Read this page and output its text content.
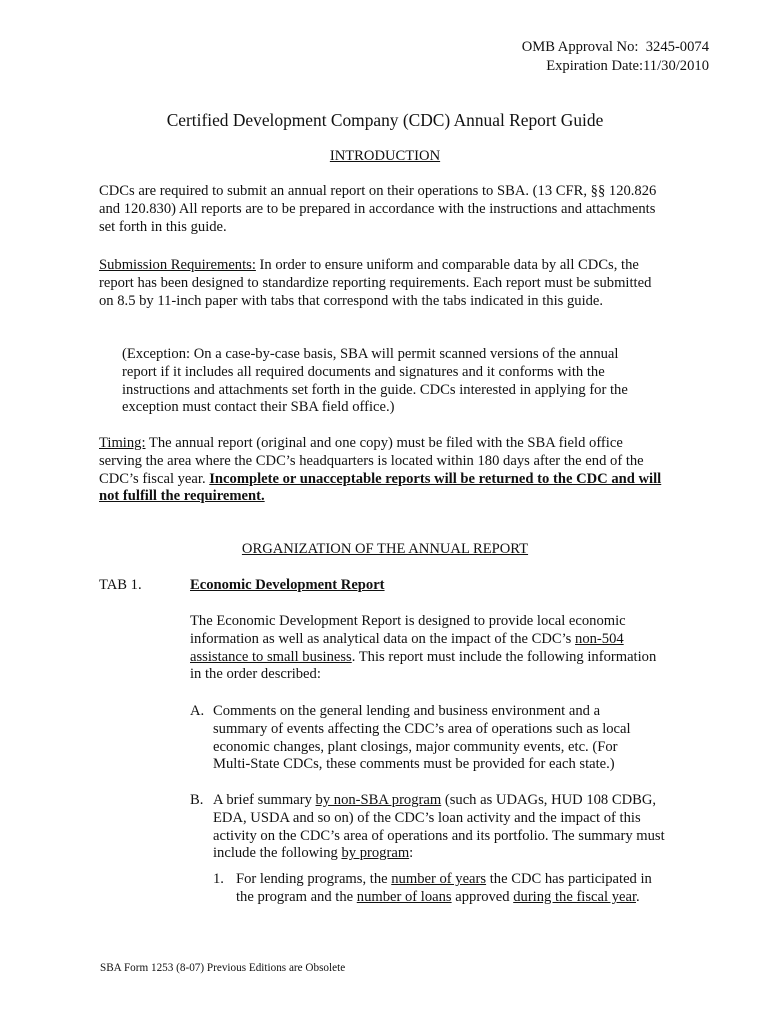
OMB Approval No: 3245-0074
Expiration Date:11/30/2010
Certified Development Company (CDC) Annual Report Guide
INTRODUCTION

CDCs are required to submit an annual report on their operations to SBA. (13 CFR, §§ 120.826 and 120.830) All reports are to be prepared in accordance with the instructions and attachments set forth in this guide.

Submission Requirements: In order to ensure uniform and comparable data by all CDCs, the report has been designed to standardize reporting requirements. Each report must be submitted on 8.5 by 11-inch paper with tabs that correspond with the tabs indicated in this guide.

(Exception: On a case-by-case basis, SBA will permit scanned versions of the annual report if it includes all required documents and signatures and it conforms with the instructions and attachments set forth in the guide. CDCs interested in applying for the exception must contact their SBA field office.)

Timing: The annual report (original and one copy) must be filed with the SBA field office serving the area where the CDC’s headquarters is located within 180 days after the end of the CDC’s fiscal year. Incomplete or unacceptable reports will be returned to the CDC and will not fulfill the requirement.

ORGANIZATION OF THE ANNUAL REPORT
TAB 1.	Economic Development Report

The Economic Development Report is designed to provide local economic information as well as analytical data on the impact of the CDC’s non-504 assistance to small business. This report must include the following information in the order described:

A. Comments on the general lending and business environment and a summary of events affecting the CDC’s area of operations such as local economic changes, plant closings, major community events, etc. (For Multi-State CDCs, these comments must be provided for each state.)

B. A brief summary by non-SBA program (such as UDAGs, HUD 108 CDBG, EDA, USDA and so on) of the CDC’s loan activity and the impact of this activity on the CDC’s area of operations and its portfolio. The summary must include the following by program:

1. For lending programs, the number of years the CDC has participated in the program and the number of loans approved during the fiscal year.

SBA Form 1253 (8-07) Previous Editions are Obsolete
